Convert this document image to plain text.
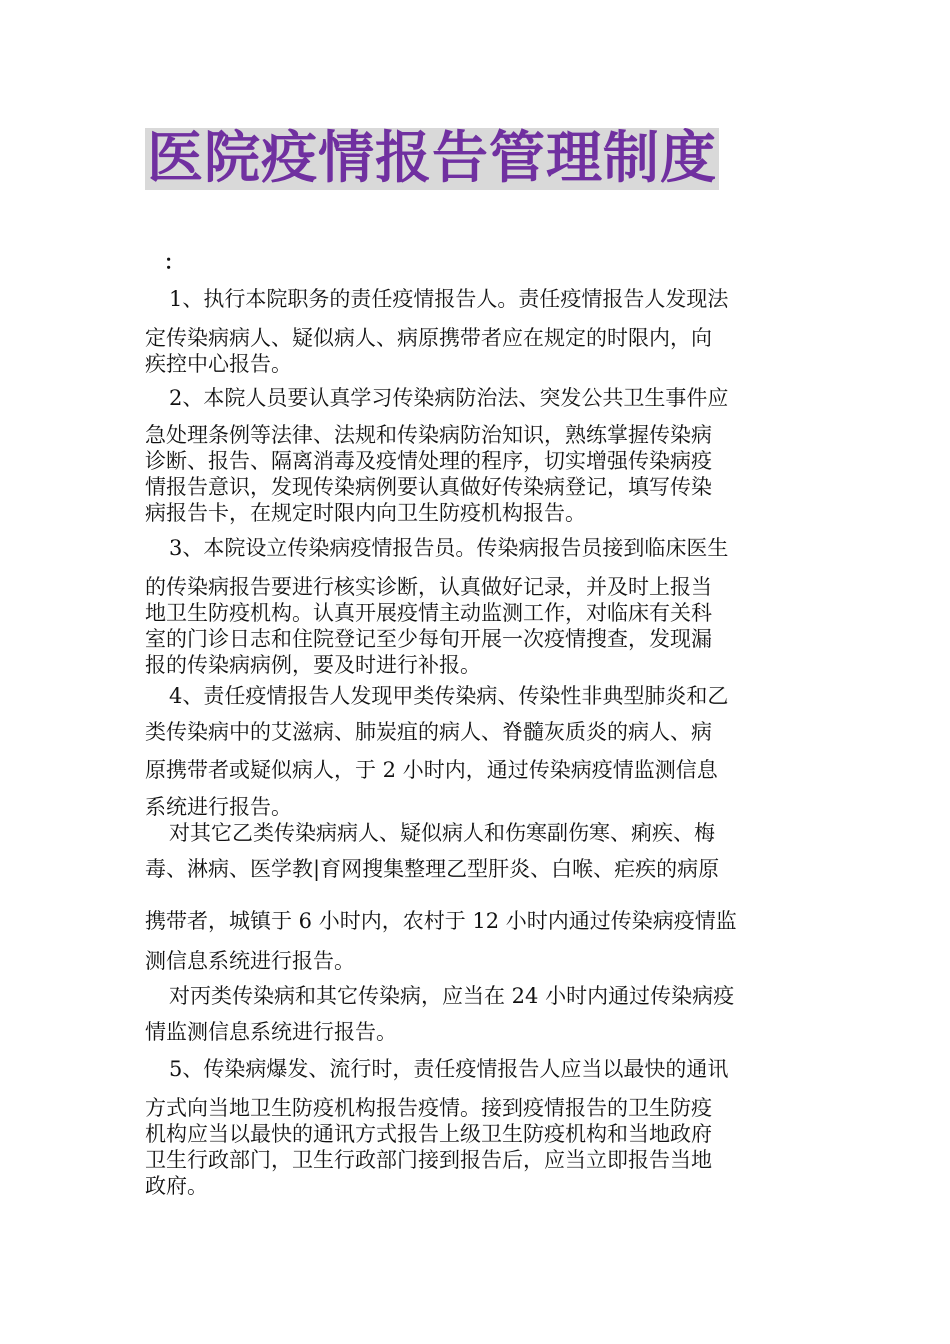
医院疫情报告管理制度
：
1、执行本院职务的责任疫情报告人。责任疫情报告人发现法
定传染病病人、疑似病人、病原携带者应在规定的时限内，向
疾控中心报告。
2、本院人员要认真学习传染病防治法、突发公共卫生事件应
急处理条例等法律、法规和传染病防治知识，熟练掌握传染病
诊断、报告、隔离消毒及疫情处理的程序，切实增强传染病疫
情报告意识，发现传染病例要认真做好传染病登记，填写传染
病报告卡，在规定时限内向卫生防疫机构报告。
3、本院设立传染病疫情报告员。传染病报告员接到临床医生
的传染病报告要进行核实诊断，认真做好记录，并及时上报当
地卫生防疫机构。认真开展疫情主动监测工作，对临床有关科
室的门诊日志和住院登记至少每旬开展一次疫情搜查，发现漏
报的传染病病例，要及时进行补报。
4、责任疫情报告人发现甲类传染病、传染性非典型肺炎和乙
类传染病中的艾滋病、肺炭疽的病人、脊髓灰质炎的病人、病
原携带者或疑似病人，于 2 小时内，通过传染病疫情监测信息
系统进行报告。
对其它乙类传染病病人、疑似病人和伤寒副伤寒、痢疾、梅
毒、淋病、医学教|育网搜集整理乙型肝炎、白喉、疟疾的病原
携带者，城镇于 6 小时内，农村于 12 小时内通过传染病疫情监
测信息系统进行报告。
对丙类传染病和其它传染病，应当在 24 小时内通过传染病疫
情监测信息系统进行报告。
5、传染病爆发、流行时，责任疫情报告人应当以最快的通讯
方式向当地卫生防疫机构报告疫情。接到疫情报告的卫生防疫
机构应当以最快的通讯方式报告上级卫生防疫机构和当地政府
卫生行政部门，卫生行政部门接到报告后，应当立即报告当地
政府。
